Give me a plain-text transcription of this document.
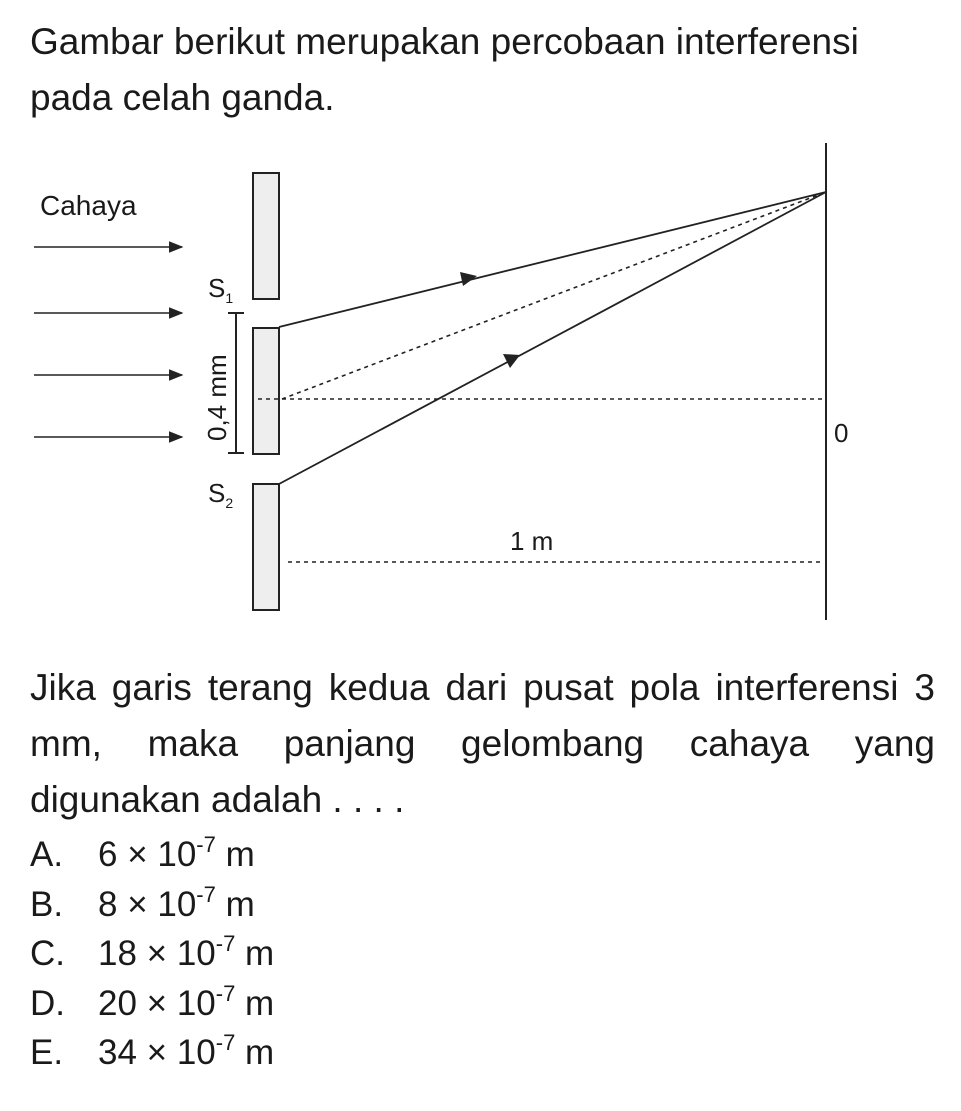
Gambar berikut merupakan percobaan interferensi pada celah ganda.

Cahaya
$S_1$
$S_2$
0,4 mm	0
1 m

Jika garis terang kedua dari pusat pola interferensi 3 mm, maka panjang gelombang cahaya yang digunakan adalah . . . .

A. $6 \times 10^{-7}$ m
B. $8 \times 10^{-7}$ m
C. $18 \times 10^{-7}$ m
D. $20 \times 10^{-7}$ m
E. $34 \times 10^{-7}$ m
